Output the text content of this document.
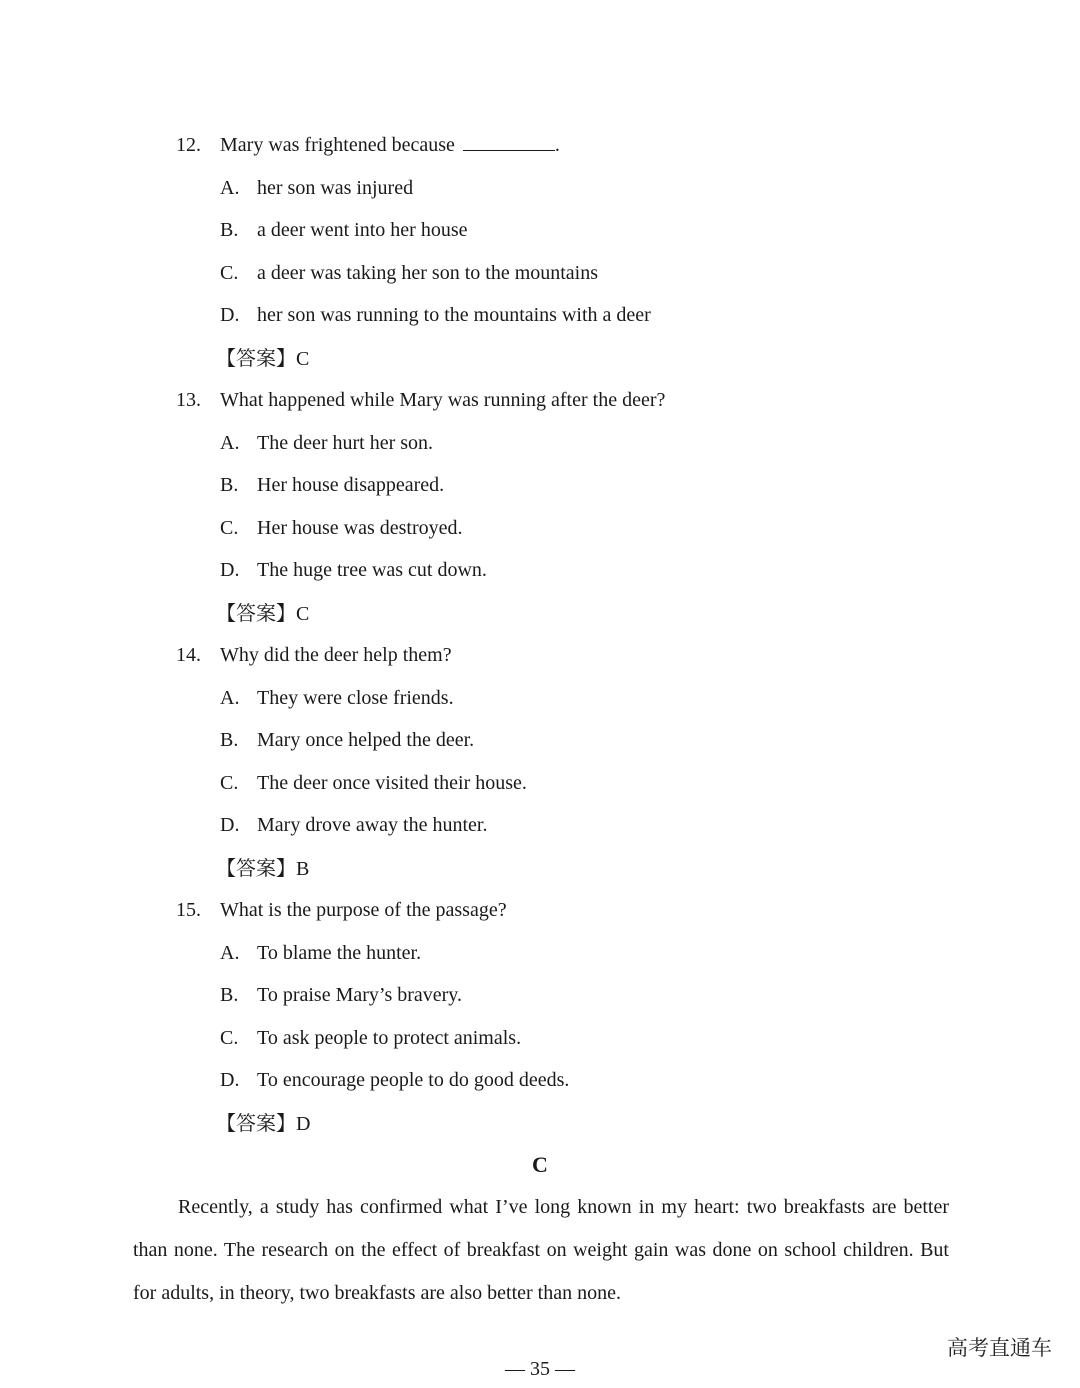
12. Mary was frightened because	.
A. her son was injured
B. a deer went into her house
C. a deer was taking her son to the mountains
D. her son was running to the mountains with a deer
【答案】C
13. What happened while Mary was running after the deer?
A. The deer hurt her son.
B. Her house disappeared.
C. Her house was destroyed.
D. The huge tree was cut down.
【答案】C
14. Why did the deer help them?
A. They were close friends.
B. Mary once helped the deer.
C. The deer once visited their house.
D. Mary drove away the hunter.
【答案】B
15. What is the purpose of the passage?
A. To blame the hunter.
B. To praise Mary’s bravery.
C. To ask people to protect animals.
D. To encourage people to do good deeds.
【答案】D
C
Recently, a study has confirmed what I’ve long known in my heart: two breakfasts are better than none. The research on the effect of breakfast on weight gain was done on school children. But for adults, in theory, two breakfasts are also better than none.
— 35 —
高考直通车
